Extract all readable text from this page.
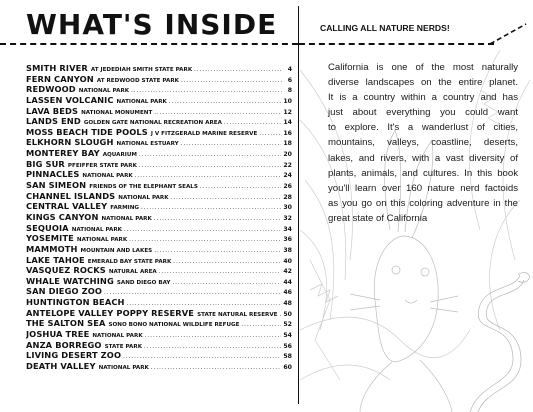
WHAT'S INSIDE
SMITH RIVER AT JEDEDIAH SMITH STATE PARK .....	4
FERN CANYON AT REDWOOD STATE PARK .....	6
REDWOOD NATIONAL PARK .....	8
LASSEN VOLCANIC NATIONAL PARK .....	10
LAVA BEDS NATIONAL MONUMENT .....	12
LANDS END GOLDEN GATE NATIONAL RECREATION AREA .....	14
MOSS BEACH TIDE POOLS J V FITZGERALD MARINE RESERVE .....	16
ELKHORN SLOUGH NATIONAL ESTUARY .....	18
MONTEREY BAY AQUARIUM .....	20
BIG SUR PFEIFFER STATE PARK .....	22
PINNACLES NATIONAL PARK .....	24
SAN SIMEON FRIENDS OF THE ELEPHANT SEALS .....	26
CHANNEL ISLANDS NATIONAL PARK .....	28
CENTRAL VALLEY FARMING .....	30
KINGS CANYON NATIONAL PARK .....	32
SEQUOIA NATIONAL PARK .....	34
YOSEMITE NATIONAL PARK .....	36
MAMMOTH MOUNTAIN AND LAKES .....	38
LAKE TAHOE EMERALD BAY STATE PARK .....	40
VASQUEZ ROCKS NATURAL AREA .....	42
WHALE WATCHING SAND DIEGO BAY .....	44
SAN DIEGO ZOO .....	46
HUNTINGTON BEACH .....	48
ANTELOPE VALLEY POPPY RESERVE STATE NATURAL RESERVE ..... 50
THE SALTON SEA SONO BONO NATIONAL WILDLIFE REFUGE .....	52
JOSHUA TREE NATIONAL PARK .....	54
ANZA BORREGO STATE PARK .....	56
LIVING DESERT ZOO .....	58
DEATH VALLEY NATIONAL PARK .....	60
CALLING ALL NATURE NERDS!
California is one of the most naturally
diverse landscapes on the entire planet.
It is a country within a country and has
just about everything you could want
to explore. It's a wanderlust of cities,
mountains, valleys, coastline, deserts,
lakes, and rivers, with a vast diversity of
plants, animals, and cultures. In this book
you'll learn over 160 nature nerd factoids
as you go on this coloring adventure in the
great state of California
